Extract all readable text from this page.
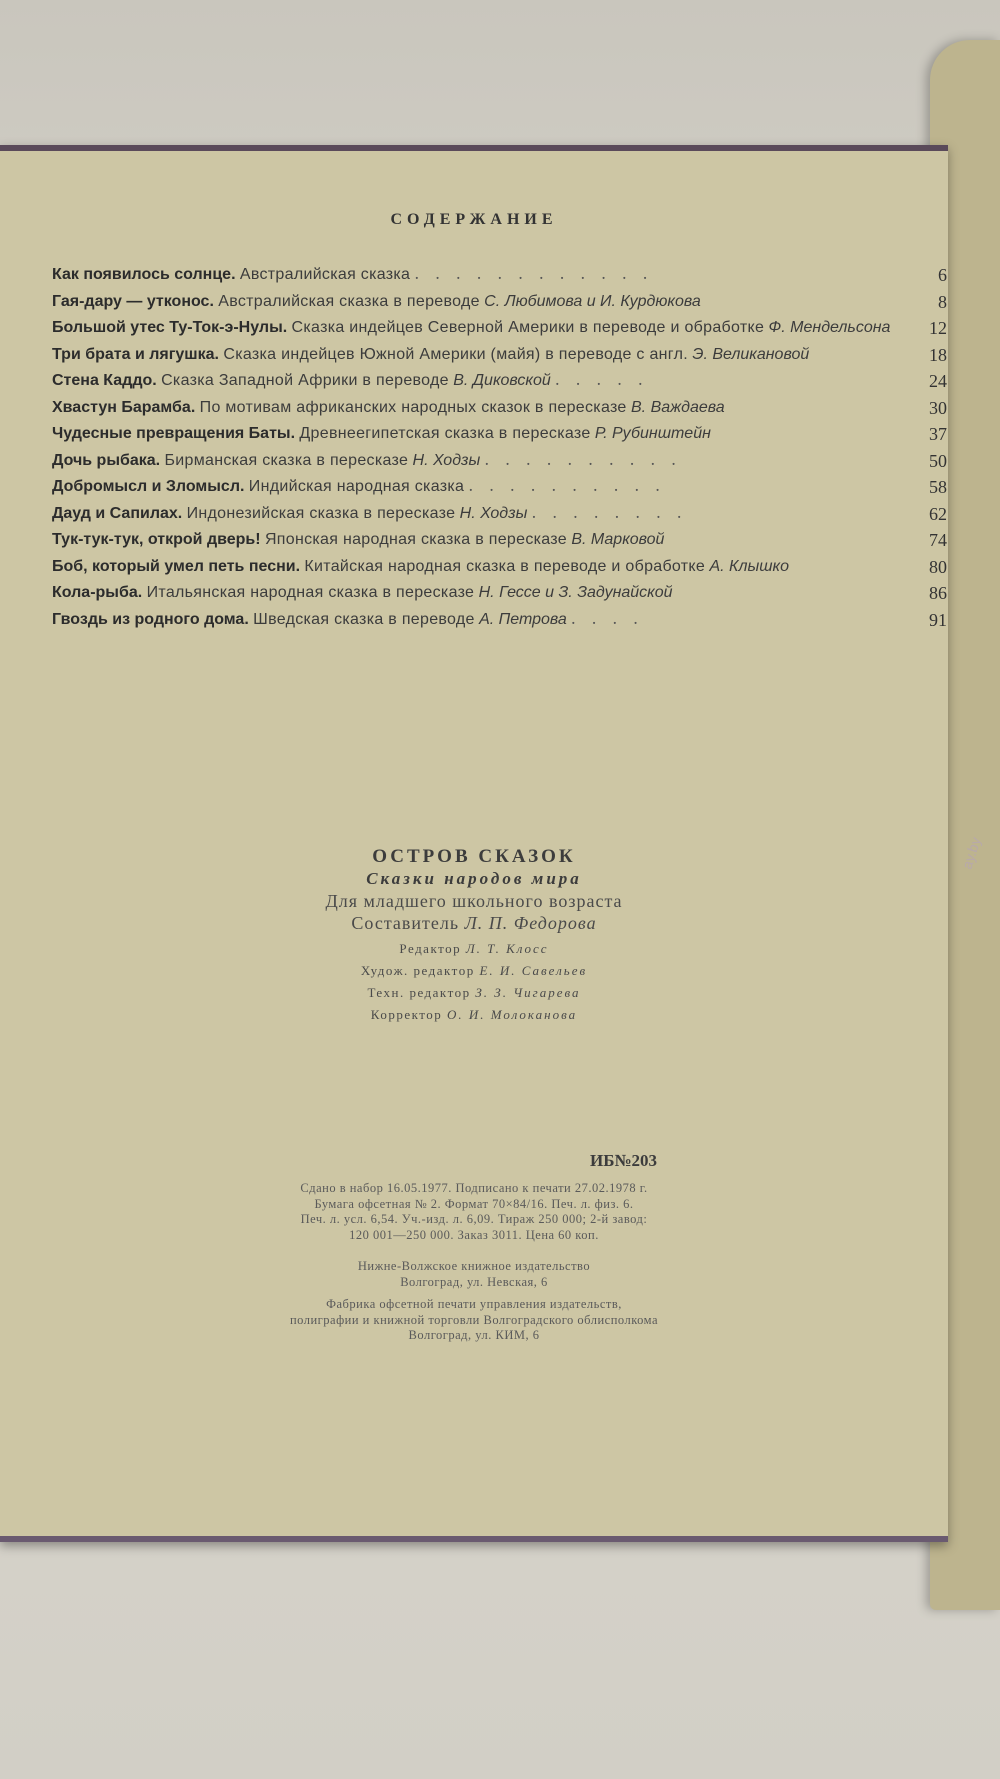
ay.by
СОДЕРЖАНИЕ
Как появилось солнце. Австралийская сказка . . . . . . . . . . . .	6
Гая-дару — утконос. Австралийская сказка в переводе С. Любимова и И. Курдюкова	8
Большой утес Ту-Ток-э-Нулы. Сказка индейцев Северной Америки в переводе и обработке Ф. Мендельсона 12
Три брата и лягушка. Сказка индейцев Южной Америки (майя) в переводе с англ. Э. Великановой	18
Стена Каддо. Сказка Западной Африки в переводе В. Диковской . . . . .	24
Хвастун Барамба. По мотивам африканских народных сказок в пересказе В. Важдаева	30
Чудесные превращения Баты. Древнеегипетская сказка в пересказе Р. Рубинштейн	37
Дочь рыбака. Бирманская сказка в пересказе Н. Ходзы . . . . . . . . . .	50
Добромысл и Зломысл. Индийская народная сказка . . . . . . . . . .	58
Дауд и Сапилах. Индонезийская сказка в пересказе Н. Ходзы . . . . . . . .	62
Тук-тук-тук, открой дверь! Японская народная сказка в пересказе В. Марковой	74
Боб, который умел петь песни. Китайская народная сказка в переводе и обработке А. Клышко	80
Кола-рыба. Итальянская народная сказка в пересказе Н. Гессе и З. Задунайской	86
Гвоздь из родного дома. Шведская сказка в переводе А. Петрова . . . .	91
ОСТРОВ СКАЗОК
Сказки народов мира
Для младшего школьного возраста
Составитель Л. П. Федорова
Редактор Л. Т. Клосс
Худож. редактор Е. И. Савельев
Техн. редактор З. З. Чигарева
Корректор О. И. Молоканова
ИБ№203
Сдано в набор 16.05.1977. Подписано к печати 27.02.1978 г.
Бумага офсетная № 2. Формат 70×84/16. Печ. л. физ. 6.
Печ. л. усл. 6,54. Уч.-изд. л. 6,09. Тираж 250 000; 2-й завод:
120 001—250 000. Заказ 3011. Цена 60 коп.
Нижне-Волжское книжное издательство
Волгоград, ул. Невская, 6
Фабрика офсетной печати управления издательств,
полиграфии и книжной торговли Волгоградского облисполкома
Волгоград, ул. КИМ, 6
